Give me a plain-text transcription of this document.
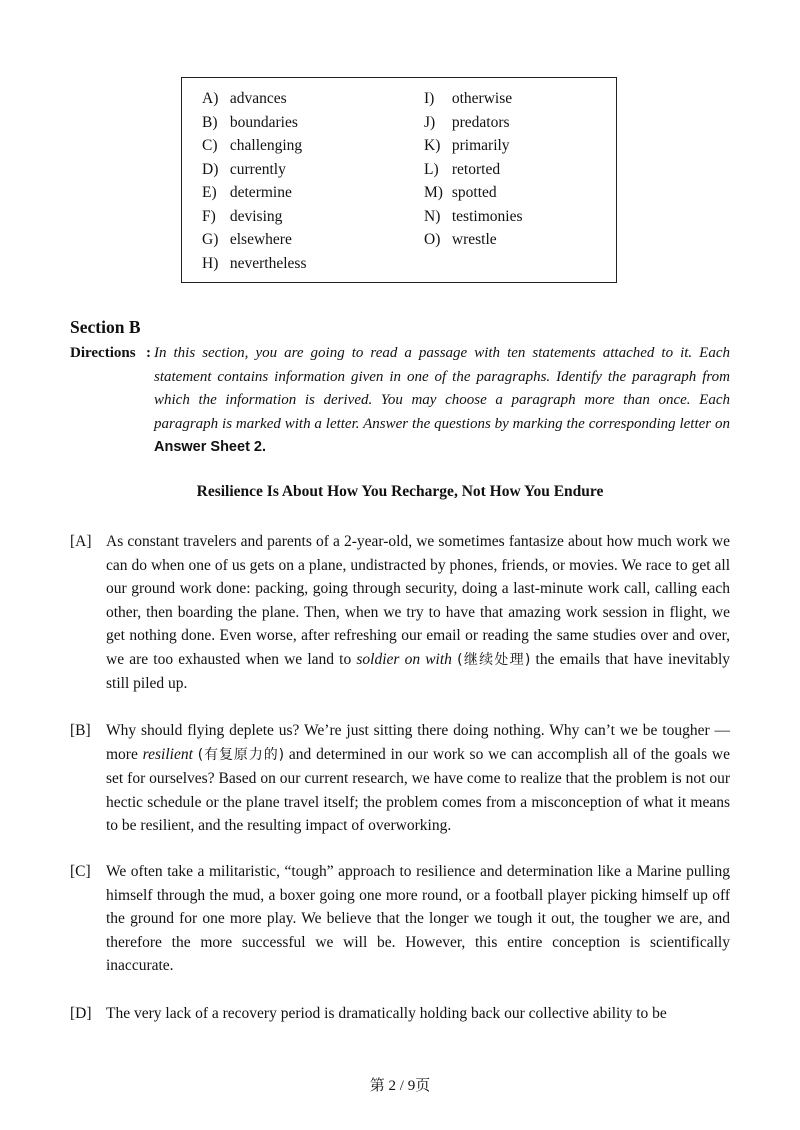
A) advances
B) boundaries
C) challenging
D) currently
E) determine
F) devising
G) elsewhere
H) nevertheless
I) otherwise
J) predators
K) primarily
L) retorted
M) spotted
N) testimonies
O) wrestle
Section B
Directions : In this section, you are going to read a passage with ten statements attached to it. Each statement contains information given in one of the paragraphs. Identify the paragraph from which the information is derived. You may choose a paragraph more than once. Each paragraph is marked with a letter. Answer the questions by marking the corresponding letter on Answer Sheet 2.
Resilience Is About How You Recharge, Not How You Endure
[A] As constant travelers and parents of a 2-year-old, we sometimes fantasize about how much work we can do when one of us gets on a plane, undistracted by phones, friends, or movies. We race to get all our ground work done: packing, going through security, doing a last-minute work call, calling each other, then boarding the plane. Then, when we try to have that amazing work session in flight, we get nothing done. Even worse, after refreshing our email or reading the same studies over and over, we are too exhausted when we land to soldier on with (继续处理) the emails that have inevitably still piled up.
[B] Why should flying deplete us? We’re just sitting there doing nothing. Why can’t we be tougher — more resilient (有复原力的) and determined in our work so we can accomplish all of the goals we set for ourselves? Based on our current research, we have come to realize that the problem is not our hectic schedule or the plane travel itself; the problem comes from a misconception of what it means to be resilient, and the resulting impact of overworking.
[C] We often take a militaristic, “tough” approach to resilience and determination like a Marine pulling himself through the mud, a boxer going one more round, or a football player picking himself up off the ground for one more play. We believe that the longer we tough it out, the tougher we are, and therefore the more successful we will be. However, this entire conception is scientifically inaccurate.
[D] The very lack of a recovery period is dramatically holding back our collective ability to be
第 2 / 9页
